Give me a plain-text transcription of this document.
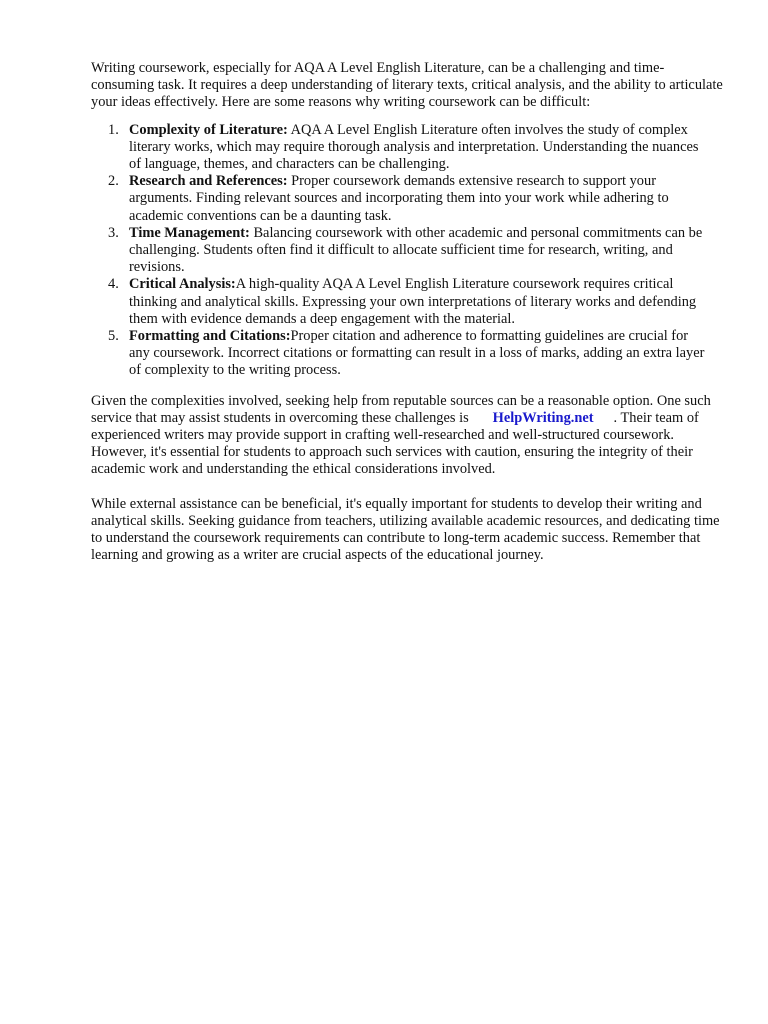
Writing coursework, especially for AQA A Level English Literature, can be a challenging and time-consuming task. It requires a deep understanding of literary texts, critical analysis, and the ability to articulate your ideas effectively. Here are some reasons why writing coursework can be difficult:

Complexity of Literature: AQA A Level English Literature often involves the study of complex literary works, which may require thorough analysis and interpretation. Understanding the nuances of language, themes, and characters can be challenging.
Research and References: Proper coursework demands extensive research to support your arguments. Finding relevant sources and incorporating them into your work while adhering to academic conventions can be a daunting task.
Time Management: Balancing coursework with other academic and personal commitments can be challenging. Students often find it difficult to allocate sufficient time for research, writing, and revisions.
Critical Analysis:A high-quality AQA A Level English Literature coursework requires critical thinking and analytical skills. Expressing your own interpretations of literary works and defending them with evidence demands a deep engagement with the material.
Formatting and Citations:Proper citation and adherence to formatting guidelines are crucial for any coursework. Incorrect citations or formatting can result in a loss of marks, adding an extra layer of complexity to the writing process.

Given the complexities involved, seeking help from reputable sources can be a reasonable option. One such service that may assist students in overcoming these challenges is HelpWriting.net . Their team of experienced writers may provide support in crafting well-researched and well-structured coursework. However, it's essential for students to approach such services with caution, ensuring the integrity of their academic work and understanding the ethical considerations involved.

While external assistance can be beneficial, it's equally important for students to develop their writing and analytical skills. Seeking guidance from teachers, utilizing available academic resources, and dedicating time to understand the coursework requirements can contribute to long-term academic success. Remember that learning and growing as a writer are crucial aspects of the educational journey.
